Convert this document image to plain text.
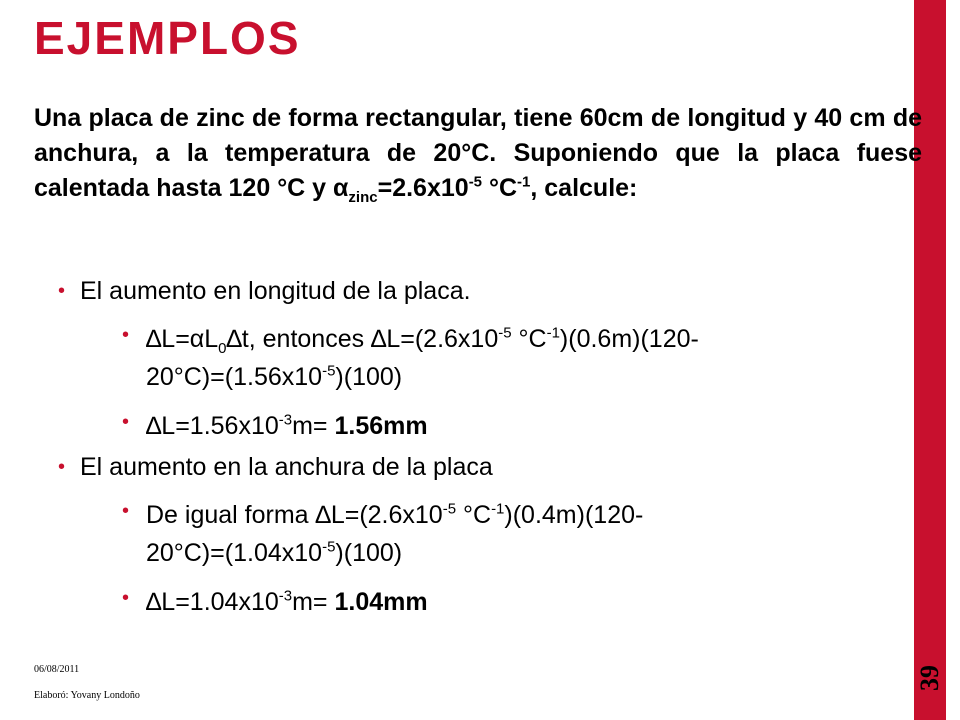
EJEMPLOS
39
Una placa de zinc de forma rectangular, tiene 60cm de longitud y 40 cm de anchura, a la temperatura de 20°C. Suponiendo que la placa fuese calentada hasta 120 °C y $\alpha_{zinc}=2.6x10^{-5}$ $^\circ C^{-1}$, calcule:
• El aumento en longitud de la placa.
• $\Delta L=\alpha L_0\Delta t$, entonces $\Delta L=(2.6x10^{-5}$ $^\circ C^{-1})(0.6m)(120-$
$20^\circ C)=(1.56x10^{-5})(100)$
• $\Delta L=1.56x10^{-3}m= 1.56mm$
• El aumento en la anchura de la placa
• De igual forma $\Delta L=(2.6x10^{-5}$ $^\circ C^{-1})(0.4m)(120-$
$20^\circ C)=(1.04x10^{-5})(100)$
• $\Delta L=1.04x10^{-3}m= 1.04mm$
06/08/2011
Elaboró: Yovany Londoño
